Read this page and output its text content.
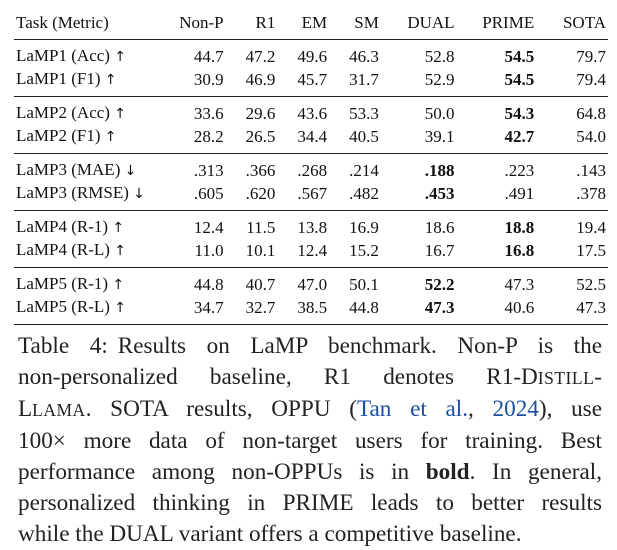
Task (Metric)	Non-P	R1	EM	SM	DUAL	PRIME	SOTA
LaMP1 (Acc) ↑	44.7	47.2	49.6	46.3	52.8	54.5	79.7
LaMP1 (F1) ↑	30.9	46.9	45.7	31.7	52.9	54.5	79.4
LaMP2 (Acc) ↑	33.6	29.6	43.6	53.3	50.0	54.3	64.8
LaMP2 (F1) ↑	28.2	26.5	34.4	40.5	39.1	42.7	54.0
LaMP3 (MAE) ↓	.313	.366	.268	.214	.188	.223	.143
LaMP3 (RMSE) ↓	.605	.620	.567	.482	.453	.491	.378
LaMP4 (R-1) ↑	12.4	11.5	13.8	16.9	18.6	18.8	19.4
LaMP4 (R-L) ↑	11.0	10.1	12.4	15.2	16.7	16.8	17.5
LaMP5 (R-1) ↑	44.8	40.7	47.0	50.1	52.2	47.3	52.5
LaMP5 (R-L) ↑	34.7	32.7	38.5	44.8	47.3	40.6	47.3
Table 4: Results on LaMP benchmark. Non-P is the
non-personalized baseline, R1 denotes R1-DISTILL-
LLAMA. SOTA results, OPPU (Tan et al., 2024), use
100× more data of non-target users for training. Best
performance among non-OPPUs is in bold. In general,
personalized thinking in PRIME leads to better results
while the DUAL variant offers a competitive baseline.
